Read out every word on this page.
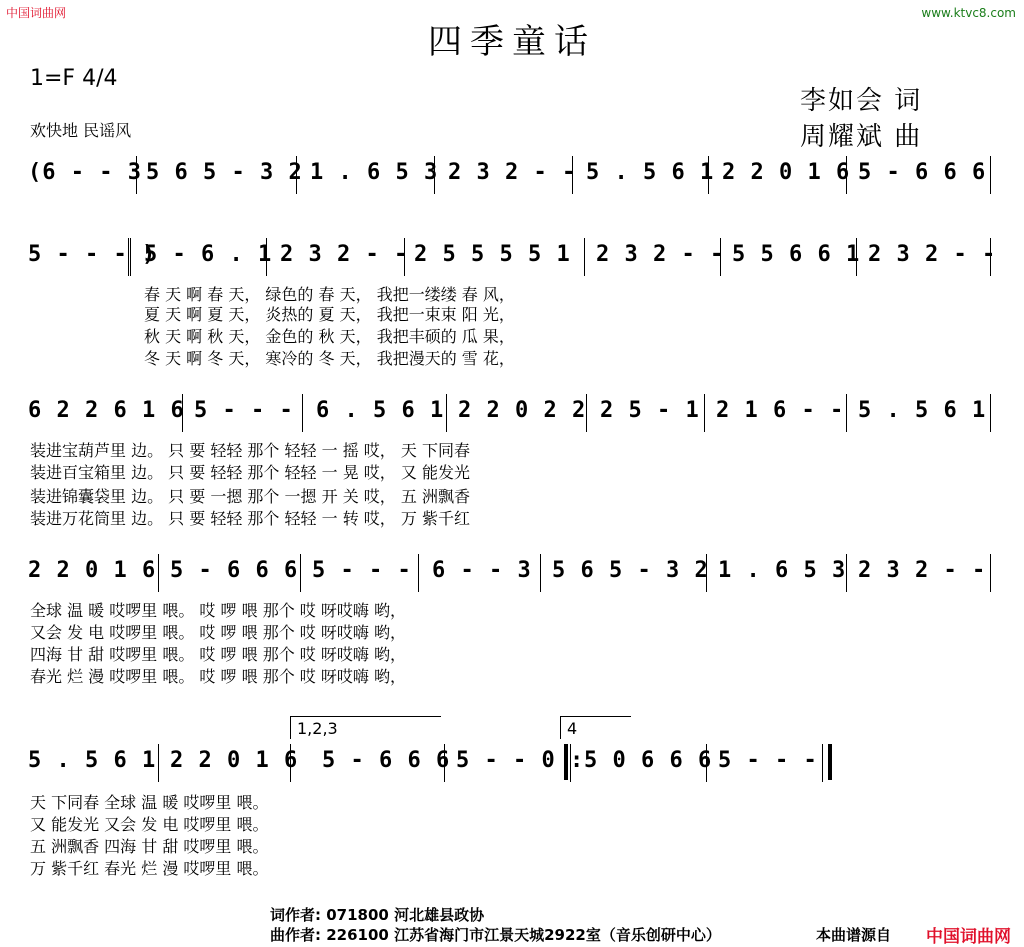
中国词曲网	www.ktvc8.com
四季童话
1=F 4/4
欢快地 民谣风
李如会 词
周耀斌 曲
(6 - - 3 5 6 5 - 3 2 1 . 6 5 3 2 3 2 - - 5 . 5 6 1 2 2 0 1 6 5 - 6 6 6
5 - - - )
5 - 6 . 1 2 3 2 - - 2 5 5 5 5 1 2 3 2 - - 5 5 6 6 1 2 3 2 - -
春 天 啊 春 天， 绿色的 春 天， 我把一缕缕 春 风，
夏 天 啊 夏 天， 炎热的 夏 天， 我把一束束 阳 光，
秋 天 啊 秋 天， 金色的 秋 天， 我把丰硕的 瓜 果，
冬 天 啊 冬 天， 寒冷的 冬 天， 我把漫天的 雪 花，
6 2 2 6 1 6 5 - - - 6 . 5 6 1 2 2 0 2 2 2 5 - 1 2 1 6 - - 5 . 5 6 1
装进宝葫芦里 边。 只 要 轻轻 那个 轻轻 一 摇 哎， 天 下同春
装进百宝箱里 边。 只 要 轻轻 那个 轻轻 一 晃 哎， 又 能发光
装进锦囊袋里 边。 只 要 一摁 那个 一摁 开 关 哎， 五 洲飘香
装进万花筒里 边。 只 要 轻轻 那个 轻轻 一 转 哎， 万 紫千红
2 2 0 1 6 5 - 6 6 6 5 - - - 6 - - 3 5 6 5 - 3 2 1 . 6 5 3 2 3 2 - -
全球 温 暖 哎啰里 喂。 哎 啰 喂 那个 哎 呀哎嗨 哟，
又会 发 电 哎啰里 喂。 哎 啰 喂 那个 哎 呀哎嗨 哟，
四海 甘 甜 哎啰里 喂。 哎 啰 喂 那个 哎 呀哎嗨 哟，
春光 烂 漫 哎啰里 喂。 哎 啰 喂 那个 哎 呀哎嗨 哟，
1,2,3	4
5 . 5 6 1 2 2 0 1 6 5 - 6 6 6 5 - - 0 : 5 0 6 6 6 5 - - -
天 下同春 全球 温 暖 哎啰里 喂。
又 能发光 又会 发 电 哎啰里 喂。
五 洲飘香 四海 甘 甜 哎啰里 喂。
万 紫千红 春光 烂 漫 哎啰里 喂。
词作者: 071800 河北雄县政协
曲作者: 226100 江苏省海门市江景天城2922室（音乐创研中心）	本曲谱源自 中国词曲网
